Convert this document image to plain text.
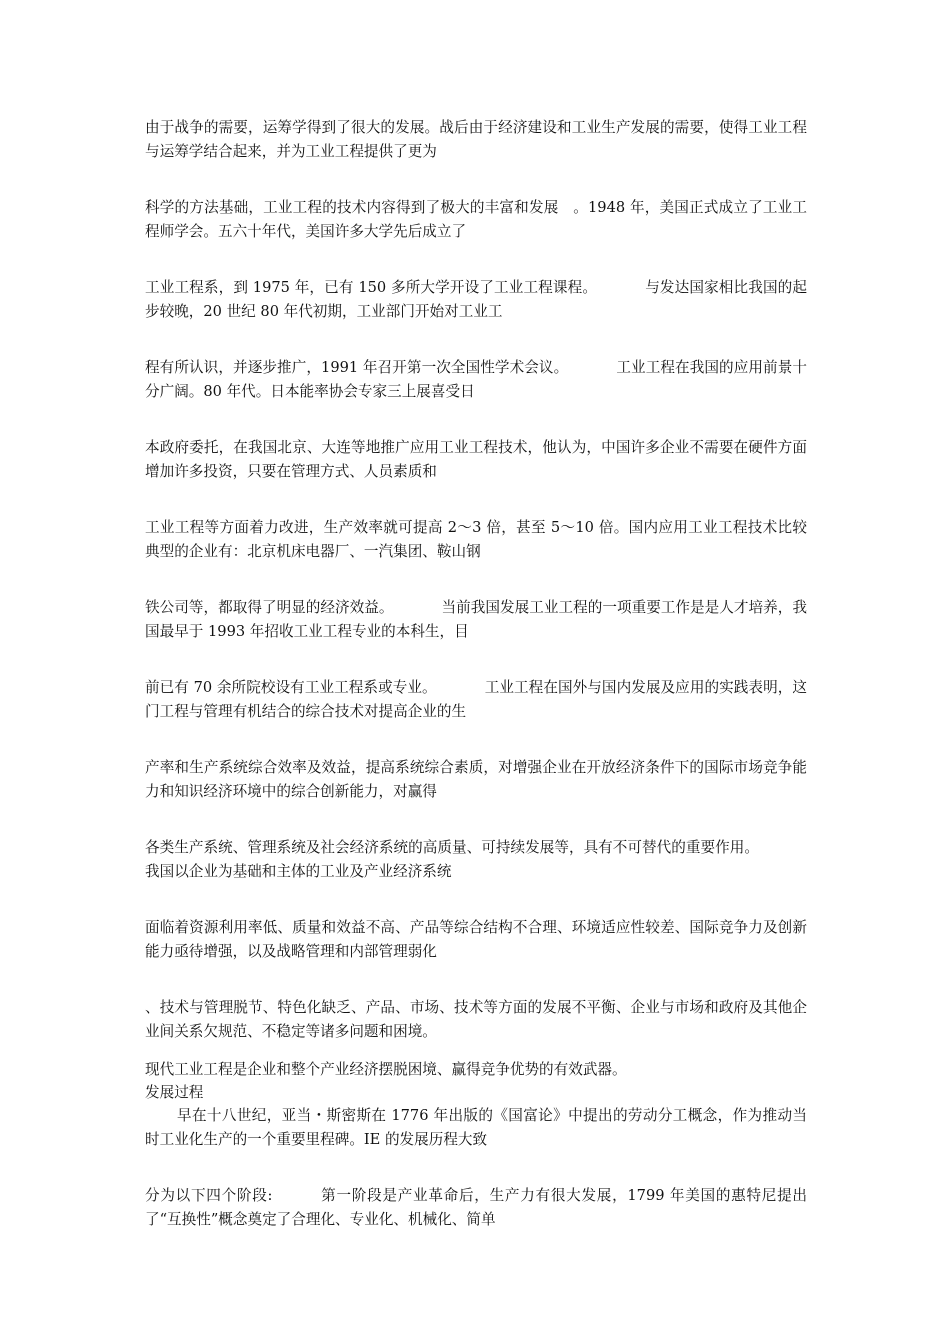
由于战争的需要，运筹学得到了很大的发展。战后由于经济建设和工业生产发展的需要，使得工业工程与运筹学结合起来，并为工业工程提供了更为

科学的方法基础，工业工程的技术内容得到了极大的丰富和发展　。1948 年，美国正式成立了工业工程师学会。五六十年代，美国许多大学先后成立了

工业工程系，到 1975 年，已有 150 多所大学开设了工业工程课程。	与发达国家相比我国的起步较晚，20 世纪 80 年代初期，工业部门开始对工业工

程有所认识，并逐步推广，1991 年召开第一次全国性学术会议。	工业工程在我国的应用前景十分广阔。80 年代。日本能率协会专家三上展喜受日

本政府委托，在我国北京、大连等地推广应用工业工程技术，他认为，中国许多企业不需要在硬件方面增加许多投资，只要在管理方式、人员素质和

工业工程等方面着力改进，生产效率就可提高 2～3 倍，甚至 5～10 倍。国内应用工业工程技术比较典型的企业有：北京机床电器厂、一汽集团、鞍山钢

铁公司等，都取得了明显的经济效益。	当前我国发展工业工程的一项重要工作是是人才培养，我国最早于 1993 年招收工业工程专业的本科生，目

前已有 70 余所院校设有工业工程系或专业。	工业工程在国外与国内发展及应用的实践表明，这门工程与管理有机结合的综合技术对提高企业的生

产率和生产系统综合效率及效益，提高系统综合素质，对增强企业在开放经济条件下的国际市场竞争能力和知识经济环境中的综合创新能力，对赢得

各类生产系统、管理系统及社会经济系统的高质量、可持续发展等，具有不可替代的重要作用。我国以企业为基础和主体的工业及产业经济系统

面临着资源利用率低、质量和效益不高、产品等综合结构不合理、环境适应性较差、国际竞争力及创新能力亟待增强，以及战略管理和内部管理弱化

、技术与管理脱节、特色化缺乏、产品、市场、技术等方面的发展不平衡、企业与市场和政府及其他企业间关系欠规范、不稳定等诸多问题和困境。

现代工业工程是企业和整个产业经济摆脱困境、赢得竞争优势的有效武器。

发展过程

早在十八世纪，亚当・斯密斯在 1776 年出版的《国富论》中提出的劳动分工概念，作为推动当时工业化生产的一个重要里程碑。IE 的发展历程大致

分为以下四个阶段:	第一阶段是产业革命后，生产力有很大发展，1799 年美国的惠特尼提出了“互换性”概念奠定了合理化、专业化、机械化、简单
